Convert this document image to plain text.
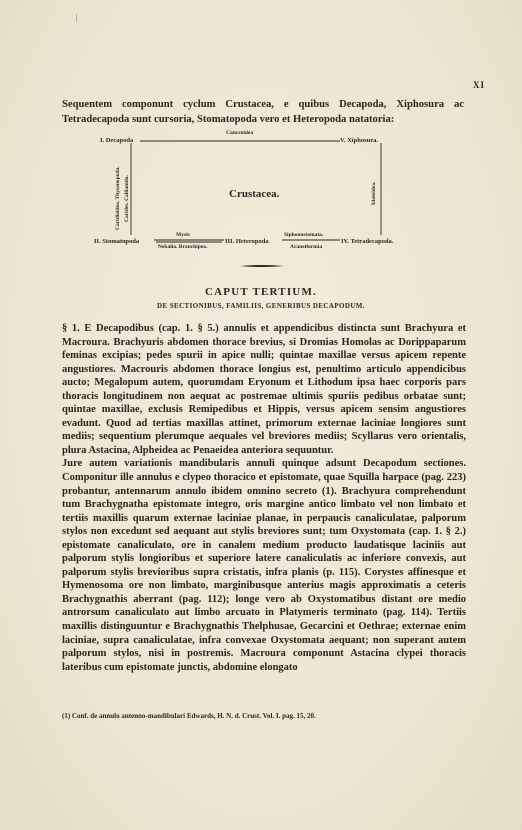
XI
Sequentem componunt cyclum Crustacea, e quibus Decapoda, Xiphosura ac Tetradecapoda sunt cursoria, Stomatopoda vero et Heteropoda natatoria:
I. Decapoda
Cancroidea
V. Xiphosura.
Crustacea.
Caridioidea. Thysanopoda. Carides. Callianida.	Idoteidea.
II. Stomatopoda
Mysis
Nebalia. Branchipus.
III. Heteropoda
Siphonostomata.
Araneiformia
IV. Tetradecapoda.
CAPUT TERTIUM.
DE SECTIONIBUS, FAMILIIS, GENERIBUS DECAPODUM.

§ 1. E Decapodibus (cap. 1. § 5.) annulis et appendicibus distincta sunt Brachyura et Macroura. Brachyuris abdomen thorace brevius, si Dromias Homolas ac Dorippaparum feminas excipias; pedes spurii in apice nulli; quintae maxillae versus apicem repente angustiores. Macrouris abdomen thorace longius est, penultimo articulo appendicibus aucto; Megalopum autem, quorumdam Eryonum et Lithodum ipsa haec corporis pars thoracis longitudinem non aequat ac postremae ultimis spuriis pedibus orbatae sunt; quintae maxillae, exclusis Remipedibus et Hippis, versus apicem sensim angustiores evadunt. Quod ad tertias maxillas attinet, primorum externae laciniae longiores sunt mediis; sequentium plerumque aequales vel breviores mediis; Scyllarus vero orientalis, plura Astacina, Alpheidea ac Penaeidea anteriora sequuntur.

Jure autem variationis mandibularis annuli quinque adsunt Decapodum sectiones. Componitur ille annulus e clypeo thoracico et epistomate, quae Squilla harpace (pag. 223) probantur, antennarum annulo ibidem omnino secreto (1). Brachyura comprehendunt tum Brachygnatha epistomate integro, oris margine antico limbato vel non limbato et tertiis maxillis quarum externae laciniae planae, in perpaucis canaliculatae, palporum stylos non excedunt sed aequant aut stylis breviores sunt; tum Oxystomata (cap. 1. § 2.) epistomate canaliculato, ore in canalem medium producto laudatisque laciniis aut palporum stylis longioribus et superiore latere canaliculatis ac inferiore convexis, aut palporum stylis brevioribus supra cristatis, infra planis (p. 115). Corystes affinesque et Hymenosoma ore non limbato, marginibusque anterius magis approximatis a ceteris Brachygnathis aberrant (pag. 112); longe vero ab Oxystomatibus distant ore medio antrorsum canaliculato aut limbo arcuato in Platymeris terminato (pag. 114). Tertiis maxillis distinguuntur e Brachygnathis Thelphusae, Gecarcini et Oethrae; externae enim laciniae, supra canaliculatae, infra convexae Oxystomata aequant; non superant autem palporum stylos, nisi in postremis. Macroura componunt Astacina clypei thoracis lateribus cum epistomate junctis, abdomine elongato

(1) Conf. de annulo antenno-mandibulari Edwards, H. N. d. Crust. Vol. I. pag. 15, 20.
